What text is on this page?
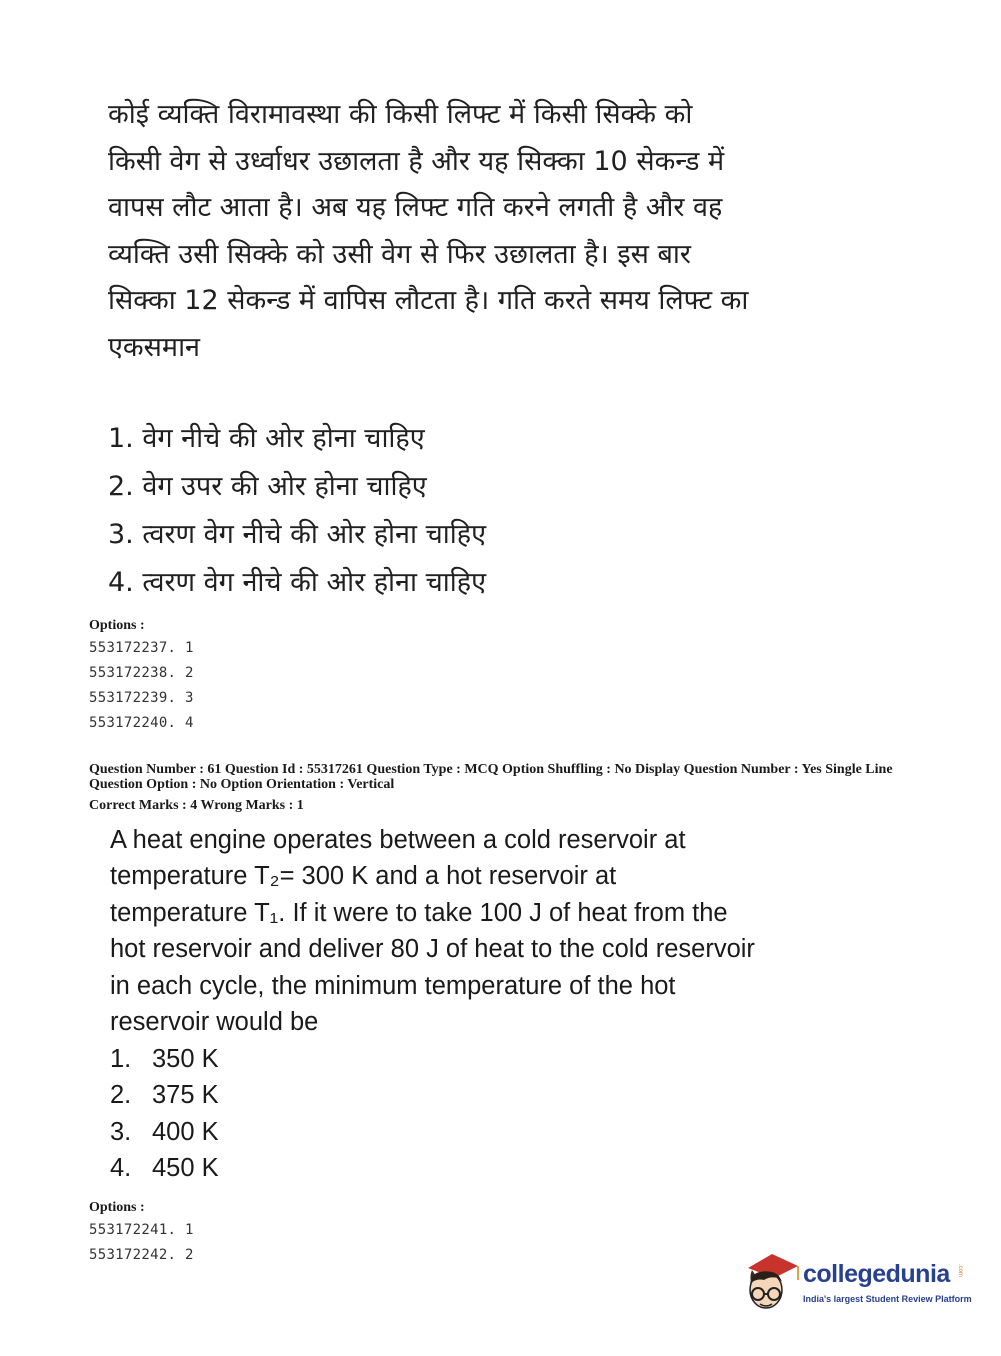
कोई व्यक्ति विरामावस्था की किसी लिफ्ट में किसी सिक्के को
किसी वेग से उर्ध्वाधर उछालता है और यह सिक्का 10 सेकन्ड में
वापस लौट आता है। अब यह लिफ्ट गति करने लगती है और वह
व्यक्ति उसी सिक्के को उसी वेग से फिर उछालता है। इस बार
सिक्का 12 सेकन्ड में वापिस लौटता है। गति करते समय लिफ्ट का
एकसमान
1. वेग नीचे की ओर होना चाहिए
2. वेग उपर की ओर होना चाहिए
3. त्वरण वेग नीचे की ओर होना चाहिए
4. त्वरण वेग नीचे की ओर होना चाहिए
Options :
553172237. 1
553172238. 2
553172239. 3
553172240. 4
Question Number : 61 Question Id : 55317261 Question Type : MCQ Option Shuffling : No Display Question Number : Yes Single Line Question Option : No Option Orientation : Vertical
Correct Marks : 4 Wrong Marks : 1
A heat engine operates between a cold reservoir at
temperature T₂= 300 K and a hot reservoir at
temperature T₁. If it were to take 100 J of heat from the
hot reservoir and deliver 80 J of heat to the cold reservoir
in each cycle, the minimum temperature of the hot
reservoir would be
1. 350 K
2. 375 K
3. 400 K
4. 450 K
Options :
553172241. 1
553172242. 2
collegedunia .com
India's largest Student Review Platform
